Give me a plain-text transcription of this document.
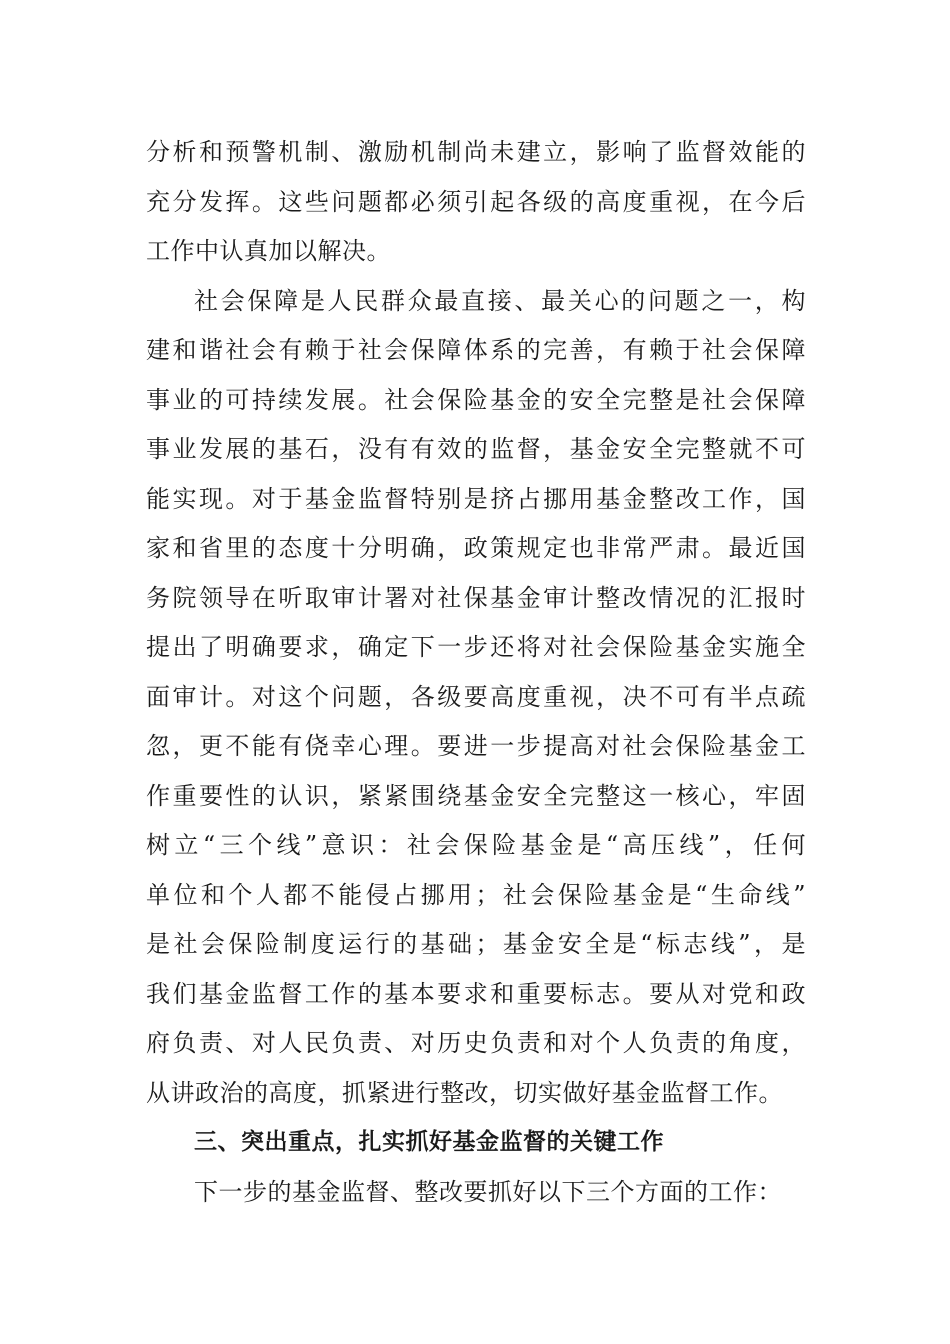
分析和预警机制、激励机制尚未建立，影响了监督效能的
充分发挥。这些问题都必须引起各级的高度重视，在今后
工作中认真加以解决。
社会保障是人民群众最直接、最关心的问题之一，构
建和谐社会有赖于社会保障体系的完善，有赖于社会保障
事业的可持续发展。社会保险基金的安全完整是社会保障
事业发展的基石，没有有效的监督，基金安全完整就不可
能实现。对于基金监督特别是挤占挪用基金整改工作，国
家和省里的态度十分明确，政策规定也非常严肃。最近国
务院领导在听取审计署对社保基金审计整改情况的汇报时
提出了明确要求，确定下一步还将对社会保险基金实施全
面审计。对这个问题，各级要高度重视，决不可有半点疏
忽，更不能有侥幸心理。要进一步提高对社会保险基金工
作重要性的认识，紧紧围绕基金安全完整这一核心，牢固
树立“三个线”意识：社会保险基金是“高压线”，任何
单位和个人都不能侵占挪用；社会保险基金是“生命线”
是社会保险制度运行的基础；基金安全是“标志线”，是
我们基金监督工作的基本要求和重要标志。要从对党和政
府负责、对人民负责、对历史负责和对个人负责的角度，
从讲政治的高度，抓紧进行整改，切实做好基金监督工作。
三、突出重点，扎实抓好基金监督的关键工作
下一步的基金监督、整改要抓好以下三个方面的工作：
